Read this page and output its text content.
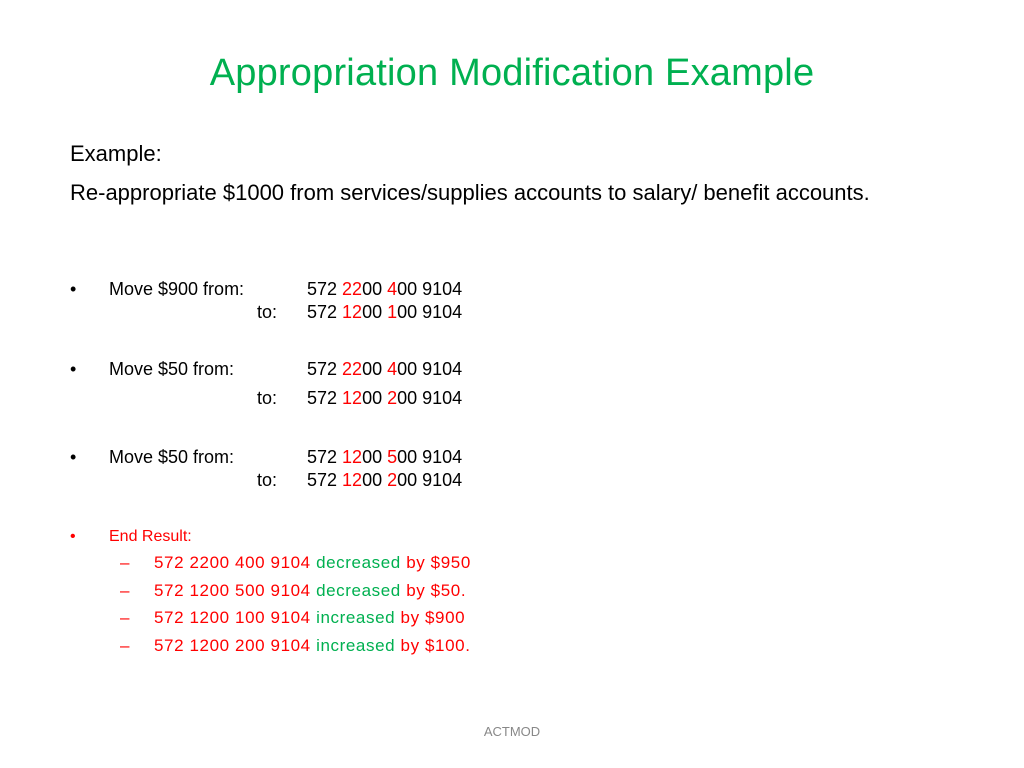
Appropriation Modification Example
Example:
Re-appropriate $1000 from services/supplies accounts to salary/ benefit accounts.
•	Move $900 from:	572 2200 400 9104
to: 572 1200 100 9104
•	Move $50 from:	572 2200 400 9104
to: 572 1200 200 9104
•	Move $50 from:	572 1200 500 9104
to: 572 1200 200 9104
• End Result:
– 572 2200 400 9104 decreased by $950
– 572 1200 500 9104 decreased by $50.
– 572 1200 100 9104 increased by $900
– 572 1200 200 9104 increased by $100.
ACTMOD
